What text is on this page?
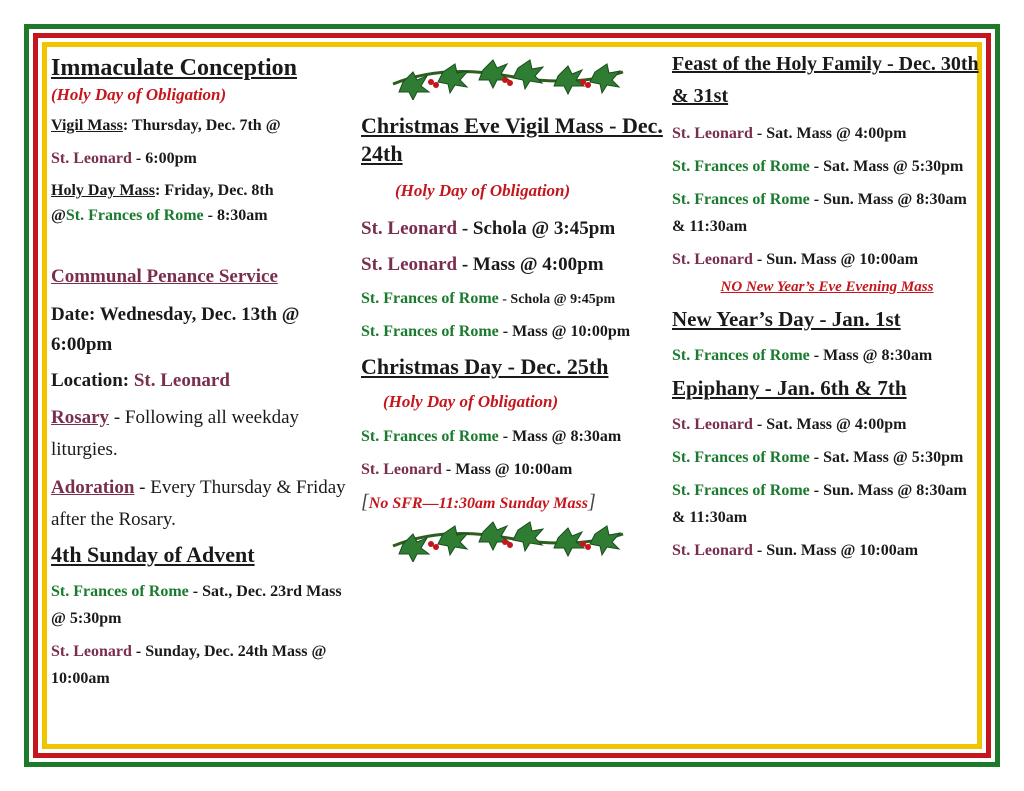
Immaculate Conception
(Holy Day of Obligation)
Vigil Mass: Thursday, Dec. 7th @
St. Leonard - 6:00pm
Holy Day Mass: Friday, Dec. 8th
@St. Frances of Rome - 8:30am
Communal Penance Service
Date: Wednesday, Dec. 13th @ 6:00pm
Location: St. Leonard
Rosary - Following all weekday liturgies.
Adoration - Every Thursday & Friday after the Rosary.
4th Sunday of Advent
St. Frances of Rome - Sat., Dec. 23rd Mass @ 5:30pm
St. Leonard - Sunday, Dec. 24th Mass @ 10:00am
Christmas Eve Vigil Mass - Dec. 24th
(Holy Day of Obligation)
St. Leonard - Schola @ 3:45pm
St. Leonard - Mass @ 4:00pm
St. Frances of Rome - Schola @ 9:45pm
St. Frances of Rome - Mass @ 10:00pm
Christmas Day - Dec. 25th
(Holy Day of Obligation)
St. Frances of Rome - Mass @ 8:30am
St. Leonard - Mass @ 10:00am
[No SFR—11:30am Sunday Mass]
Feast of the Holy Family - Dec. 30th & 31st
St. Leonard - Sat. Mass @ 4:00pm
St. Frances of Rome - Sat. Mass @ 5:30pm
St. Frances of Rome - Sun. Mass @ 8:30am & 11:30am
St. Leonard - Sun. Mass @ 10:00am
NO New Year’s Eve Evening Mass
New Year’s Day - Jan. 1st
St. Frances of Rome - Mass @ 8:30am
Epiphany - Jan. 6th & 7th
St. Leonard - Sat. Mass @ 4:00pm
St. Frances of Rome - Sat. Mass @ 5:30pm
St. Frances of Rome - Sun. Mass @ 8:30am & 11:30am
St. Leonard - Sun. Mass @ 10:00am
